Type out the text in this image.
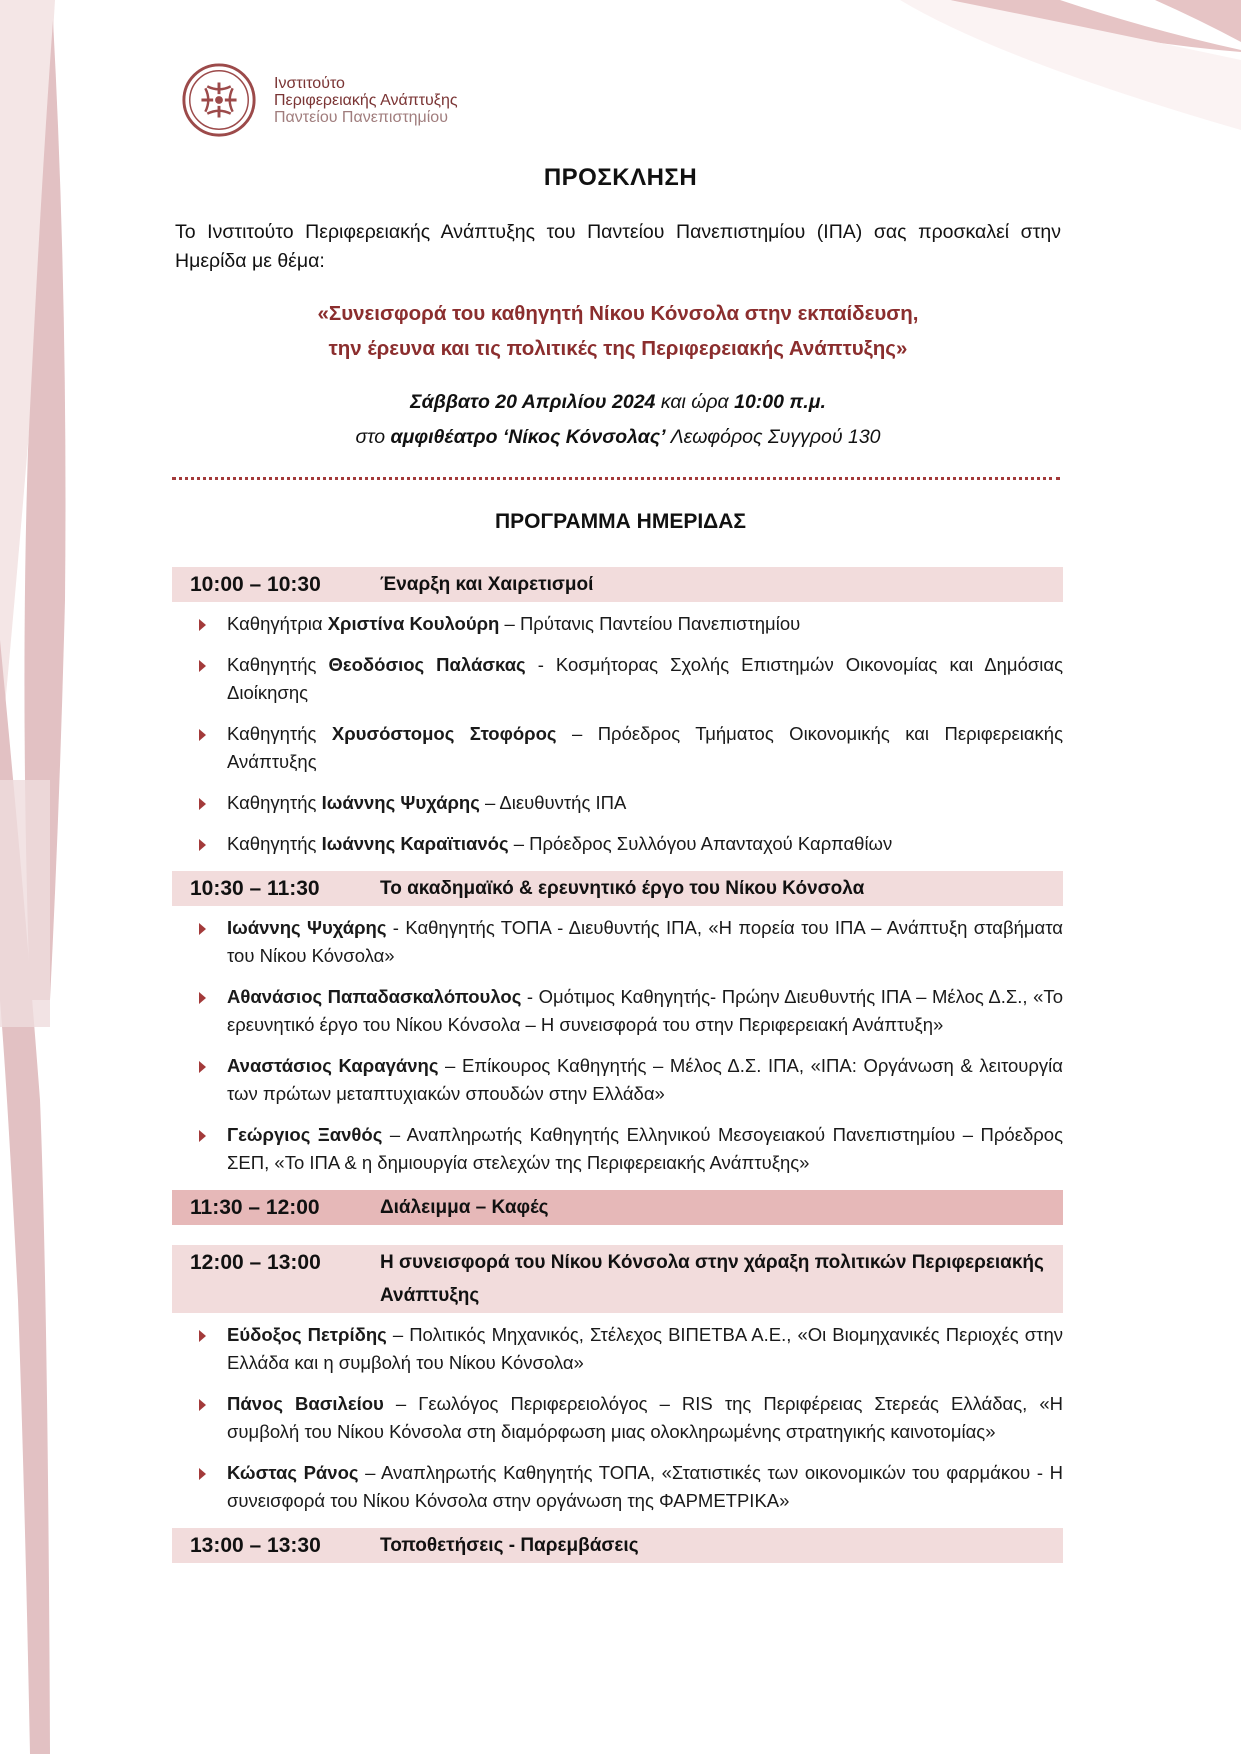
Ινστιτούτο
Περιφερειακής Ανάπτυξης
Παντείου Πανεπιστημίου
ΠΡΟΣΚΛΗΣΗ
Το Ινστιτούτο Περιφερειακής Ανάπτυξης του Παντείου Πανεπιστημίου (ΙΠΑ) σας προσκαλεί στην Ημερίδα με θέμα:
«Συνεισφορά του καθηγητή Νίκου Κόνσολα στην εκπαίδευση,
την έρευνα και τις πολιτικές της Περιφερειακής Ανάπτυξης»
Σάββατο 20 Απριλίου 2024 και ώρα 10:00 π.μ.
στο αμφιθέατρο ‘Νίκος Κόνσολας’ Λεωφόρος Συγγρού 130
ΠΡΟΓΡΑΜΜΑ ΗΜΕΡΙΔΑΣ
10:00 – 10:30	Έναρξη και Χαιρετισμοί
Καθηγήτρια Χριστίνα Κουλούρη – Πρύτανις Παντείου Πανεπιστημίου
Καθηγητής Θεοδόσιος Παλάσκας - Κοσμήτορας Σχολής Επιστημών Οικονομίας και Δημόσιας Διοίκησης
Καθηγητής Χρυσόστομος Στοφόρος – Πρόεδρος Τμήματος Οικονομικής και Περιφερειακής Ανάπτυξης
Καθηγητής Ιωάννης Ψυχάρης – Διευθυντής ΙΠΑ
Καθηγητής Ιωάννης Καραϊτιανός – Πρόεδρος Συλλόγου Απανταχού Καρπαθίων
10:30 – 11:30	Το ακαδημαϊκό & ερευνητικό έργο του Νίκου Κόνσολα
Ιωάννης Ψυχάρης - Καθηγητής ΤΟΠΑ - Διευθυντής ΙΠΑ, «Η πορεία του ΙΠΑ – Ανάπτυξη σταβήματα του Νίκου Κόνσολα»
Αθανάσιος Παπαδασκαλόπουλος - Ομότιμος Καθηγητής- Πρώην Διευθυντής ΙΠΑ – Μέλος Δ.Σ., «Το ερευνητικό έργο του Νίκου Κόνσολα – Η συνεισφορά του στην Περιφερειακή Ανάπτυξη»
Αναστάσιος Καραγάνης – Επίκουρος Καθηγητής – Μέλος Δ.Σ. ΙΠΑ, «ΙΠΑ: Οργάνωση & λειτουργία των πρώτων μεταπτυχιακών σπουδών στην Ελλάδα»
Γεώργιος Ξανθός – Αναπληρωτής Καθηγητής Ελληνικού Μεσογειακού Πανεπιστημίου – Πρόεδρος ΣΕΠ, «Το ΙΠΑ & η δημιουργία στελεχών της Περιφερειακής Ανάπτυξης»
11:30 – 12:00	Διάλειμμα – Καφές
12:00 – 13:00	Η συνεισφορά του Νίκου Κόνσολα στην χάραξη πολιτικών Περιφερειακής Ανάπτυξης
Εύδοξος Πετρίδης – Πολιτικός Μηχανικός, Στέλεχος ΒΙΠΕΤΒΑ Α.Ε., «Οι Βιομηχανικές Περιοχές στην Ελλάδα και η συμβολή του Νίκου Κόνσολα»
Πάνος Βασιλείου – Γεωλόγος Περιφερειολόγος – RIS της Περιφέρειας Στερεάς Ελλάδας, «Η συμβολή του Νίκου Κόνσολα στη διαμόρφωση μιας ολοκληρωμένης στρατηγικής καινοτομίας»
Κώστας Ράνος – Αναπληρωτής Καθηγητής ΤΟΠΑ, «Στατιστικές των οικονομικών του φαρμάκου - Η συνεισφορά του Νίκου Κόνσολα στην οργάνωση της ΦΑΡΜΕΤΡΙΚΑ»
13:00 – 13:30	Τοποθετήσεις - Παρεμβάσεις
